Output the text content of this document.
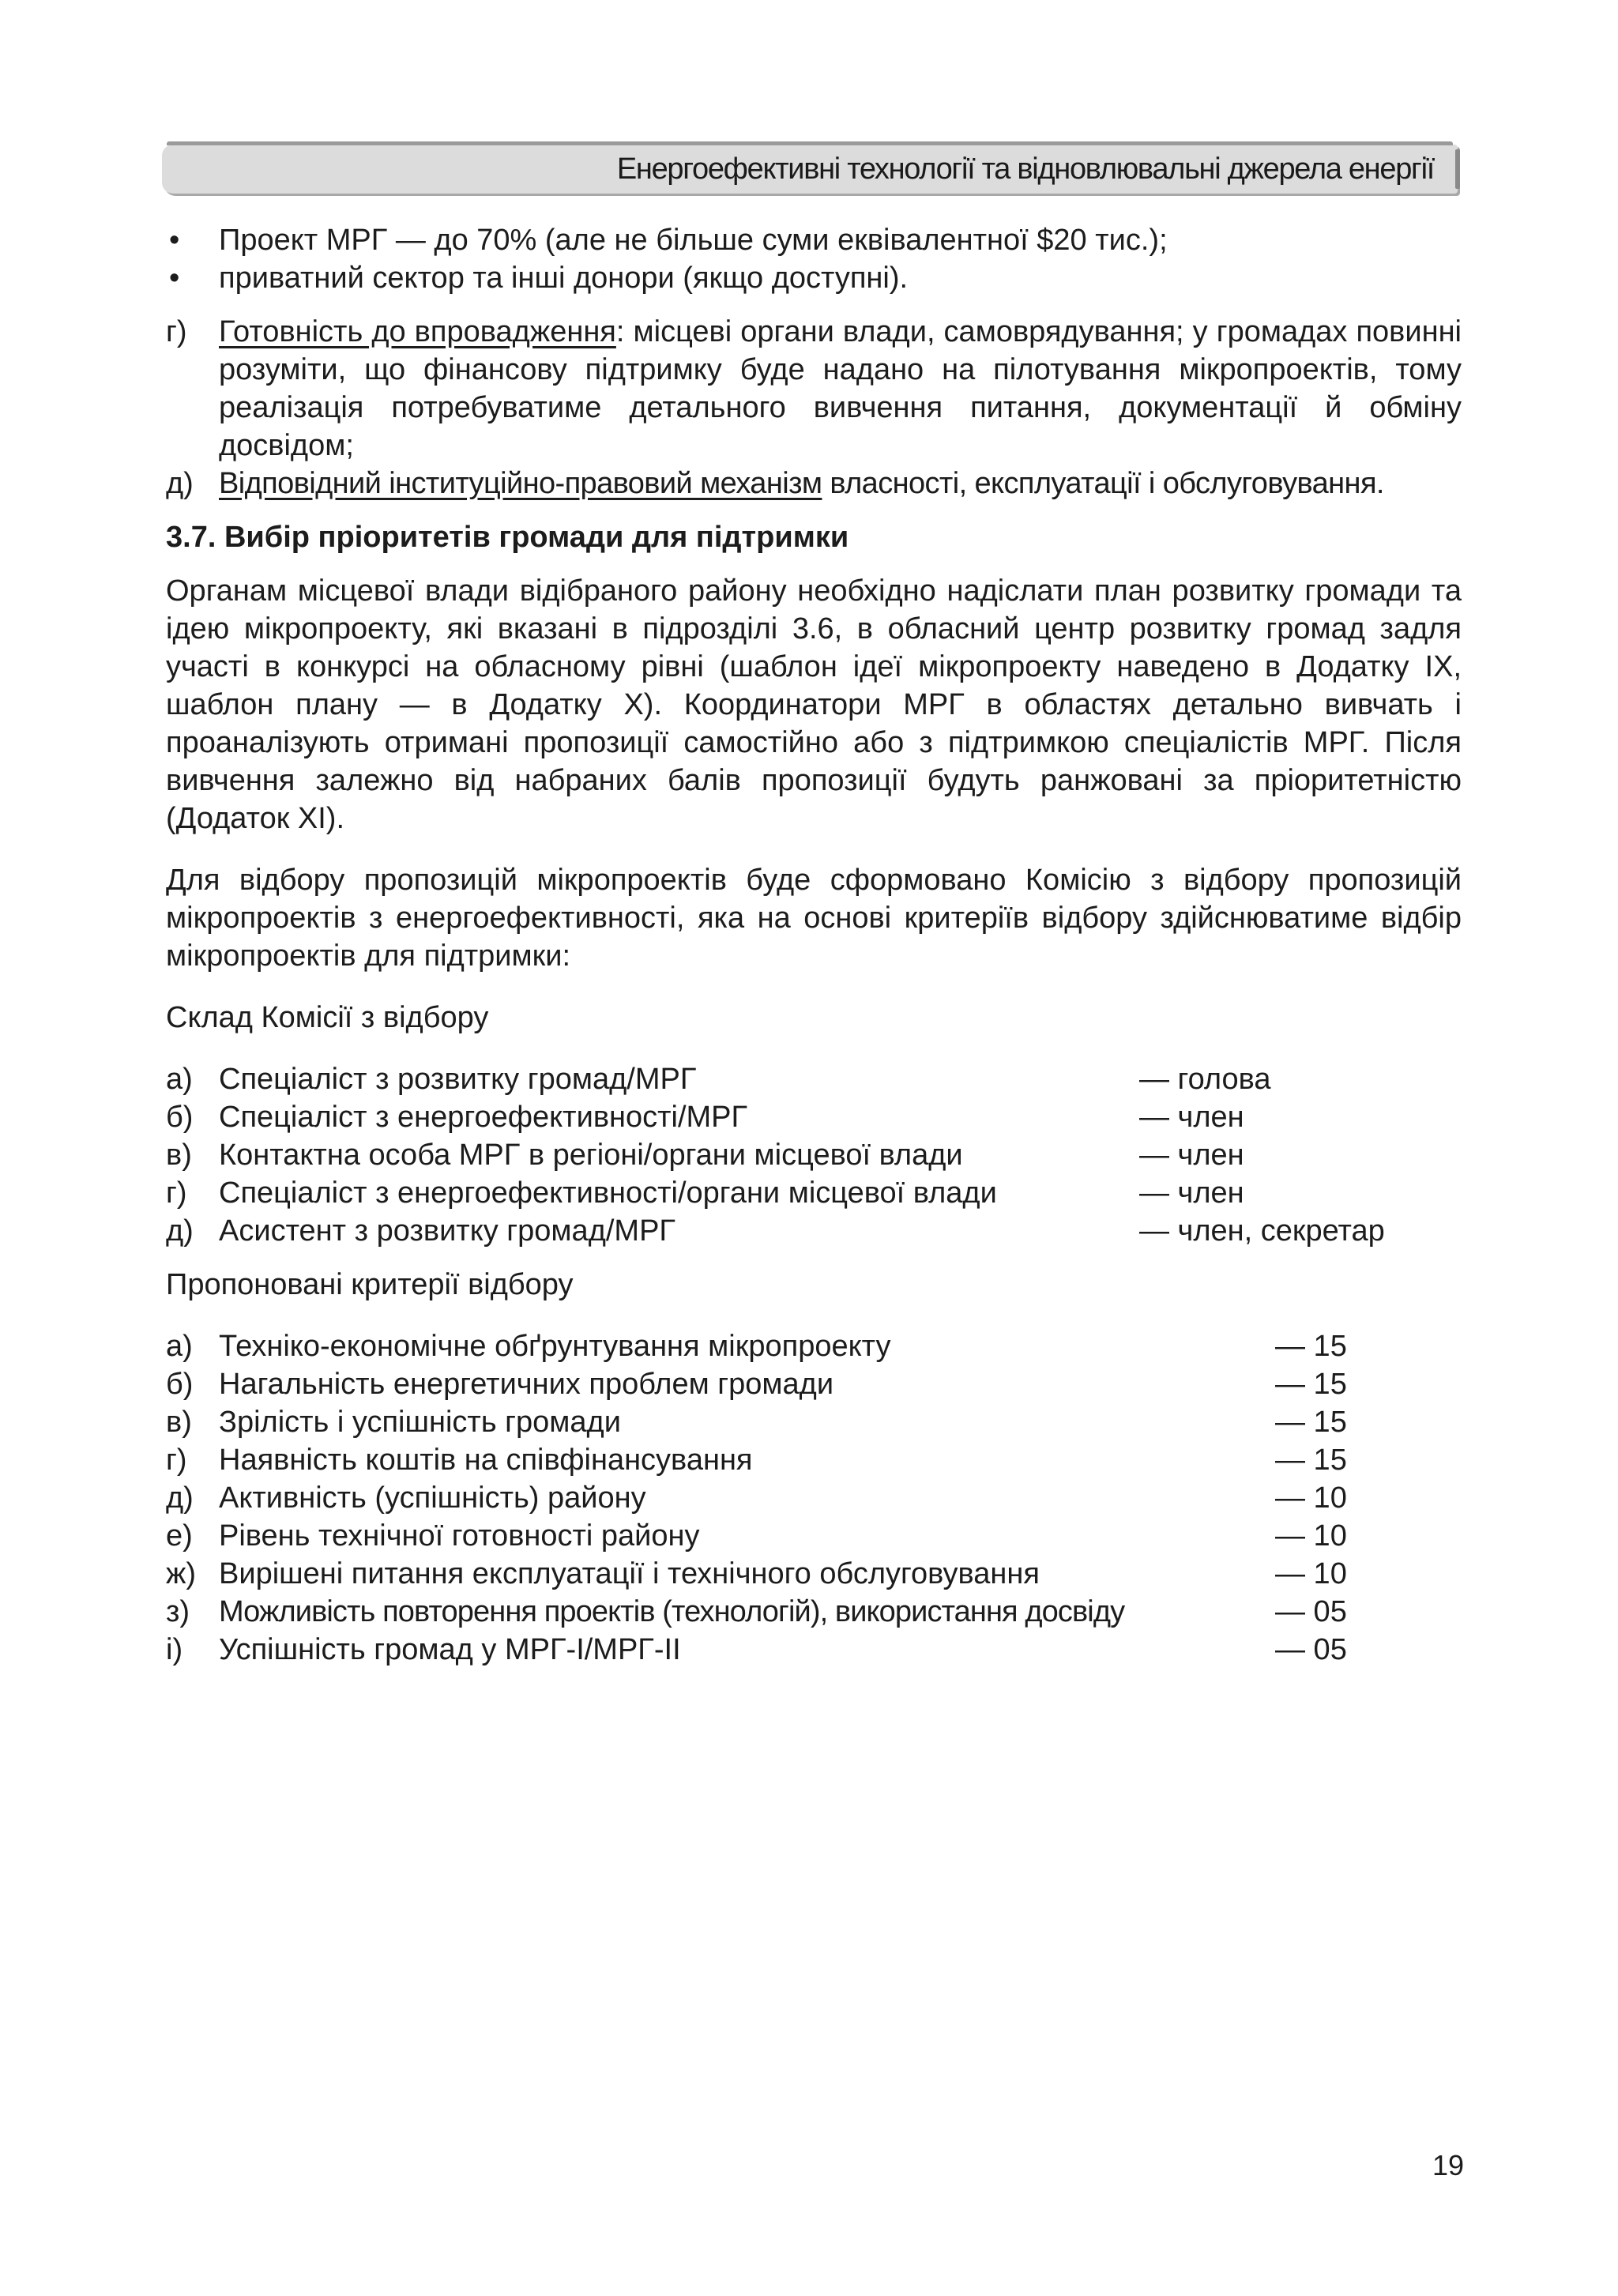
Енергоефективні технології та відновлювальні джерела енергії
•	Проект МРГ — до 70% (але не більше суми еквівалентної $20 тис.);
•	приватний сектор та інші донори (якщо доступні).
г)	Готовність до впровадження: місцеві органи влади, самоврядування; у громадах повинні розуміти, що фінансову підтримку буде надано на пілотування мікропроектів, тому реалізація потребуватиме детального вивчення питання, документації й обміну досвідом;
д) Відповідний інституційно-правовий механізм власності, експлуатації і обслуговування.
3.7. Вибір пріоритетів громади для підтримки
Органам місцевої влади відібраного району необхідно надіслати план розвитку громади та ідею мікропроекту, які вказані в підрозділі 3.6, в обласний центр розвитку громад задля участі в конкурсі на обласному рівні (шаблон ідеї мікропроекту наведено в Додатку IX, шаблон плану — в Додатку X). Координатори МРГ в областях детально вивчать і проаналізують отримані пропозиції самостійно або з підтримкою спеціалістів МРГ. Після вивчення залежно від набраних балів пропозиції будуть ранжовані за пріоритетністю (Додаток XI).
Для відбору пропозицій мікропроектів буде сформовано Комісію з відбору пропозицій мікропроектів з енергоефективності, яка на основі критеріїв відбору здійснюватиме відбір мікропроектів для підтримки:
Склад Комісії з відбору
а) Спеціаліст з розвитку громад/МРГ	— голова
б) Спеціаліст з енергоефективності/МРГ	— член
в) Контактна особа МРГ в регіоні/органи місцевої влади	— член
г)	Спеціаліст з енергоефективності/органи місцевої влади	— член
д) Асистент з розвитку громад/МРГ	— член, секретар
Пропоновані критерії відбору
а) Техніко-економічне обґрунтування мікропроекту	— 15
б) Нагальність енергетичних проблем громади	— 15
в) Зрілість і успішність громади	— 15
г)	Наявність коштів на співфінансування	— 15
д) Активність (успішність) району	— 10
е) Рівень технічної готовності району	— 10
ж) Вирішені питання експлуатації і технічного обслуговування	— 10
з) Можливість повторення проектів (технологій), використання досвіду	— 05
і)	Успішність громад у МРГ-І/МРГ-ІІ	— 05
19
